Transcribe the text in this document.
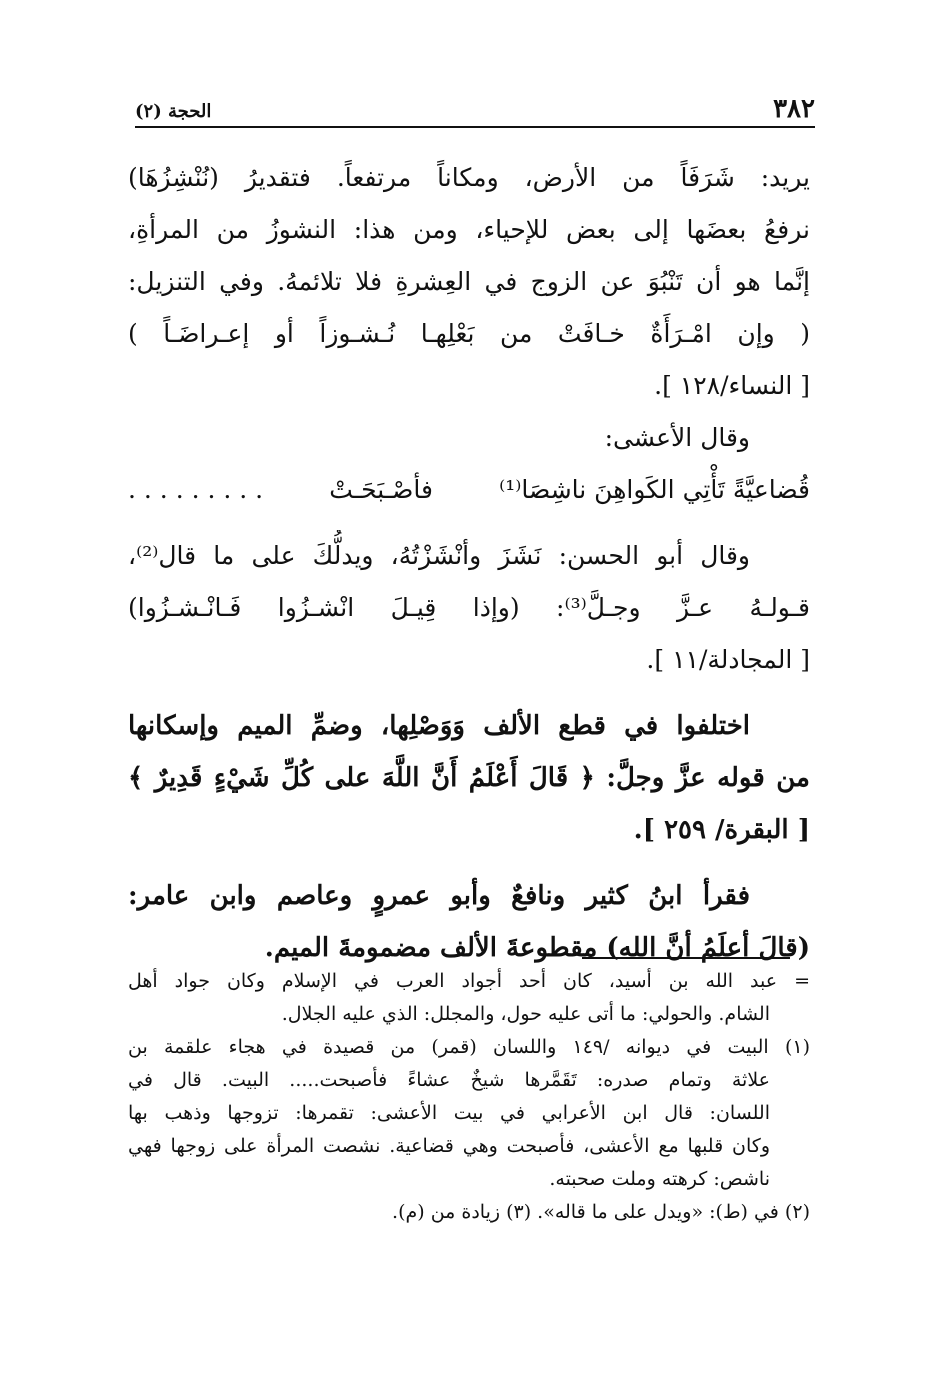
٣٨٢
الحجة (٢)
يريد: شَرَفَاً من الأرض، ومكاناً مرتفعاً. فتقديرُ (نُنْشِزُهَا)
نرفعُ بعضَها إلى بعض للإحياء، ومن هذا: النشوزُ من المرأةِ،
إنَّما هو أن تَنْبُوَ عن الزوج في العِشرةِ فلا تلائمهُ. وفي التنزيل:
( وإن امْـرَأَةٌ خـافَتْ من بَعْلِهـا نُـشـوزاً أو إعـراضَـاً )
[ النساء/١٢٨ ].
وقال الأعشى:
قُضاعيَّةً تَأْتِي الكَواهِنَ ناشِصَا⁽¹⁾
فأصْـبَحَـتْ
. . . . . . . . .
وقال أبو الحسن: نَشَزَ وأنْشَزْتُهُ، ويدلُّكَ على ما قال⁽²⁾،
قـولـهُ عـزَّ وجـلَّ⁽³⁾: (وإذا قِيـلَ انْشـزُوا فَـانْـشـزُوا)
[ المجادلة/١١ ].
اختلفوا في قطع الألف وَوَصْلِها، وضمِّ الميم وإسكانها
من قوله عزَّ وجلَّ: ﴿ قَالَ أَعْلَمُ أَنَّ اللَّهَ على كُلِّ شَيْءٍ قَدِيرٌ ﴾
[ البقرة/ ٢٥٩ ].
فقرأ ابنُ كثير ونافعٌ وأبو عمروٍ وعاصم وابن عامر:
(قالَ أعلَمُ أنَّ الله) مقطوعةَ الألف مضمومةَ الميم.
= عبد الله بن أسيد، كان أحد أجواد العرب في الإسلام وكان جواد أهل
الشام. والحولي: ما أتى عليه حول، والمجلل: الذي عليه الجلال.
(١) البيت في ديوانه /١٤٩ واللسان (قمر) من قصيدة في هجاء علقمة بن
علاثة وتمام صدره: تَقَمَّرها شيخٌ عشاءً فأصبحت..... البيت. قال في
اللسان: قال ابن الأعرابي في بيت الأعشى: تقمرها: تزوجها وذهب بها
وكان قلبها مع الأعشى، فأصبحت وهي قضاعية. نشصت المرأة على زوجها فهي
ناشص: كرهته وملت صحبته.
(٢) في (ط): «ويدل على ما قاله». (٣) زيادة من (م).
